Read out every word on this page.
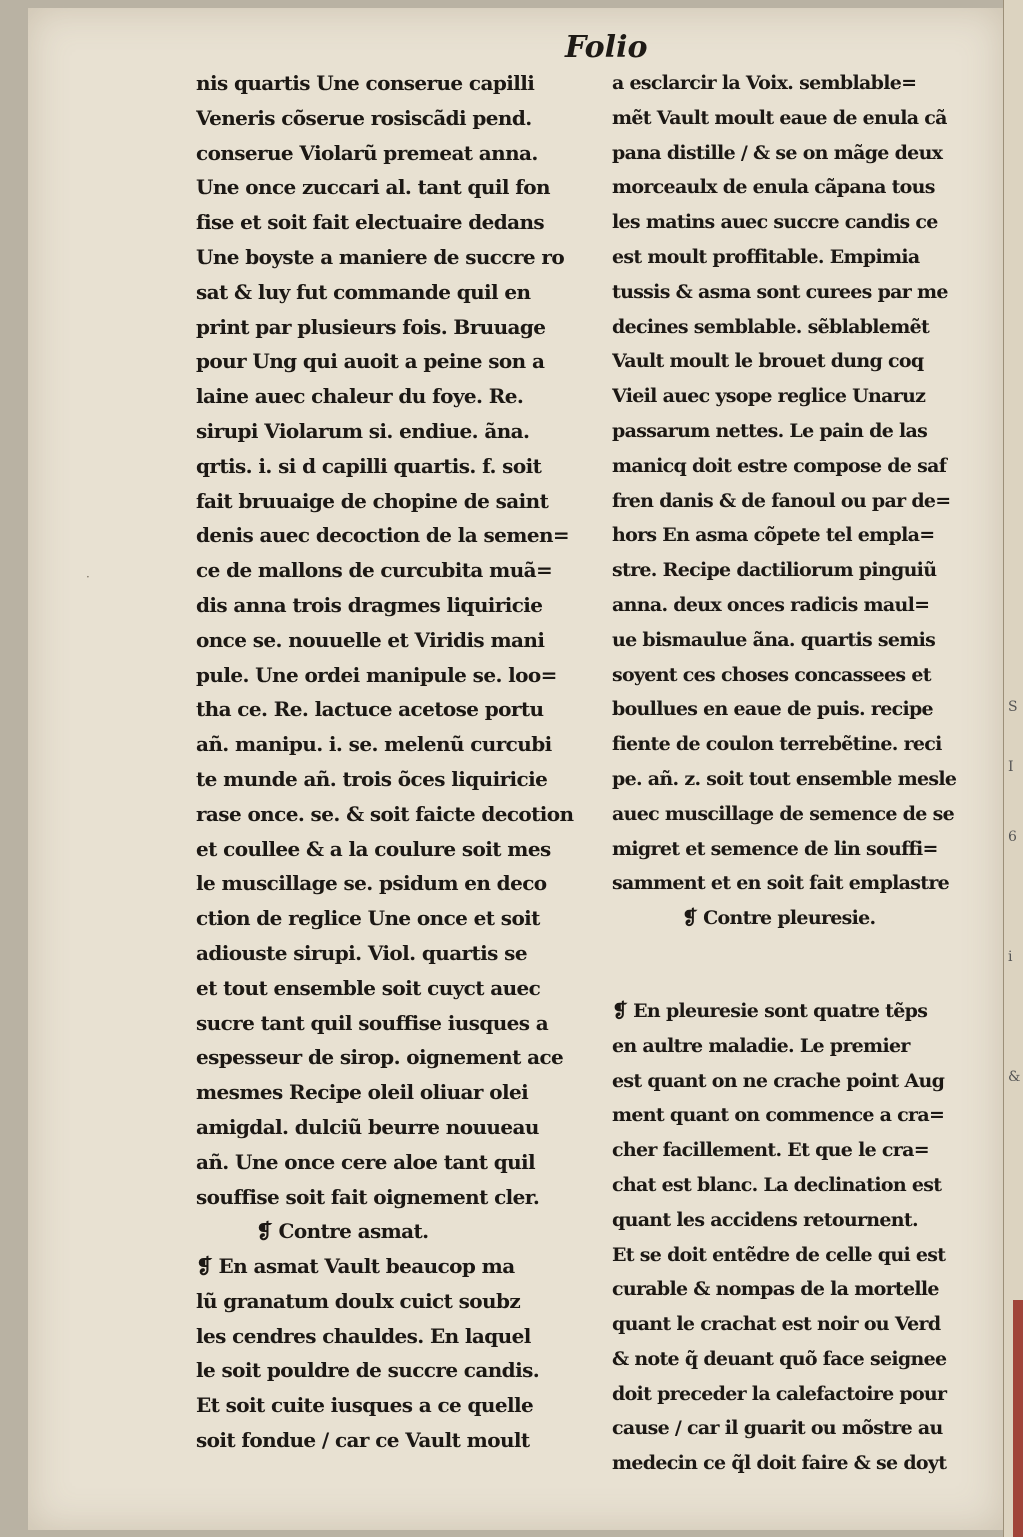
S
I
6
i
&
·
Folio
nis quartis Une conserue capilli
Veneris cõserue rosiscãdi pend.
conserue Violarũ premeat anna.
Une once zuccari al. tant quil fon
fise et soit fait electuaire dedans
Une boyste a maniere de succre ro
sat & luy fut commande quil en
print par plusieurs fois. Bruuage
pour Ung qui auoit a peine son a
laine auec chaleur du foye. Re.
sirupi Violarum si. endiue. ãna.
qrtis. i. si d capilli quartis. f. soit
fait bruuaige de chopine de saint
denis auec decoction de la semen=
ce de mallons de curcubita muã=
dis anna trois dragmes liquiricie
once se. nouuelle et Viridis mani
pule. Une ordei manipule se. loo=
tha ce. Re. lactuce acetose portu
añ. manipu. i. se. melenũ curcubi
te munde añ. trois õces liquiricie
rase once. se. & soit faicte decotion
et coullee & a la coulure soit mes
le muscillage se. psidum en deco
ction de reglice Une once et soit
adiouste sirupi. Viol. quartis se
et tout ensemble soit cuyct auec
sucre tant quil souffise iusques a
espesseur de sirop. oignement ace
mesmes Recipe oleil oliuar olei
amigdal. dulciũ beurre nouueau
añ. Une once cere aloe tant quil
souffise soit fait oignement cler.
❡ Contre asmat.
❡ En asmat Vault beaucop ma
lũ granatum doulx cuict soubz
les cendres chauldes. En laquel
le soit pouldre de succre candis.
Et soit cuite iusques a ce quelle
soit fondue / car ce Vault moult
a esclarcir la Voix. semblable=
mẽt Vault moult eaue de enula cã
pana distille / & se on mãge deux
morceaulx de enula cãpana tous
les matins auec succre candis ce
est moult proffitable. Empimia
tussis & asma sont curees par me
decines semblable. sẽblablemẽt
Vault moult le brouet dung coq
Vieil auec ysope reglice Unaruz
passarum nettes. Le pain de las
manicq doit estre compose de saf
fren danis & de fanoul ou par de=
hors En asma cõpete tel empla=
stre. Recipe dactiliorum pinguiũ
anna. deux onces radicis maul=
ue bismaulue ãna. quartis semis
soyent ces choses concassees et
boullues en eaue de puis. recipe
fiente de coulon terrebẽtine. reci
pe. añ. z. soit tout ensemble mesle
auec muscillage de semence de se
migret et semence de lin souffi=
samment et en soit fait emplastre
❡ Contre pleuresie.
❡ En pleuresie sont quatre tẽps
en aultre maladie. Le premier
est quant on ne crache point Aug
ment quant on commence a cra=
cher facillement. Et que le cra=
chat est blanc. La declination est
quant les accidens retournent.
Et se doit entẽdre de celle qui est
curable & nompas de la mortelle
quant le crachat est noir ou Verd
& note q̃ deuant quõ face seignee
doit preceder la calefactoire pour
cause / car il guarit ou mõstre au
medecin ce q̃l doit faire & se doyt
